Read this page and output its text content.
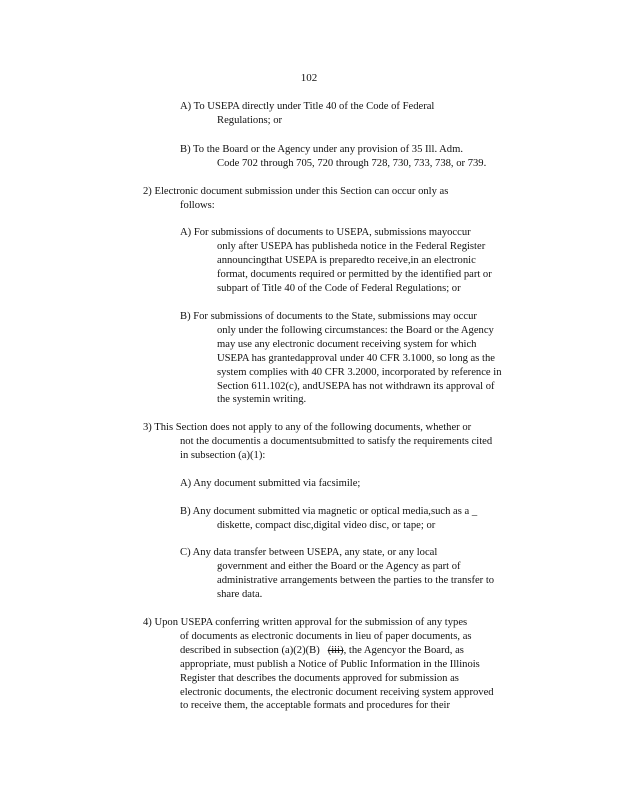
102
A) To USEPA directly under Title 40 of the Code of Federal
Regulations; or
B) To the Board or the Agency under any provision of 35 Ill. Adm.
Code 702 through 705, 720 through 728, 730, 733, 738, or 739.
2) Electronic document submission under this Section can occur only as
follows:
A) For submissions of documents to USEPA, submissions mayoccur
only after USEPA has publisheda notice in the Federal Register
announcingthat USEPA is preparedto receive,in an electronic
format, documents required or permitted by the identified part or
subpart of Title 40 of the Code of Federal Regulations; or
B) For submissions of documents to the State, submissions may occur
only under the following circumstances: the Board or the Agency
may use any electronic document receiving system for which
USEPA has grantedapproval under 40 CFR 3.1000, so long as the
system complies with 40 CFR 3.2000, incorporated by reference in
Section 611.102(c), andUSEPA has not withdrawn its approval of
the systemin writing.
3) This Section does not apply to any of the following documents, whether or
not the documentis a documentsubmitted to satisfy the requirements cited
in subsection (a)(1):
A) Any document submitted via facsimile;
B) Any document submitted via magnetic or optical media,such as a _
diskette, compact disc,digital video disc, or tape; or
C) Any data transfer between USEPA, any state, or any local
government and either the Board or the Agency as part of
administrative arrangements between the parties to the transfer to
share data.
4) Upon USEPA conferring written approval for the submission of any types
of documents as electronic documents in lieu of paper documents, as
described in subsection (a)(2)(B) (iii), the Agencyor the Board, as
appropriate, must publish a Notice of Public Information in the Illinois
Register that describes the documents approved for submission as
electronic documents, the electronic document receiving system approved
to receive them, the acceptable formats and procedures for their
